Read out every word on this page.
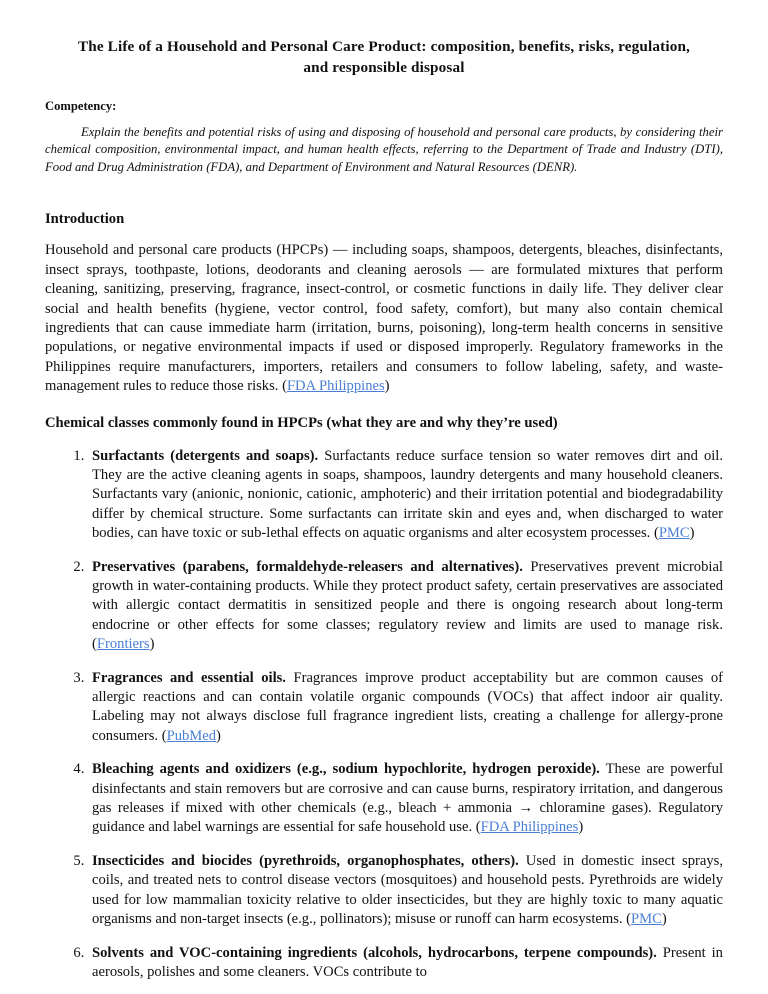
The Life of a Household and Personal Care Product: composition, benefits, risks, regulation, and responsible disposal
Competency:

Explain the benefits and potential risks of using and disposing of household and personal care products, by considering their chemical composition, environmental impact, and human health effects, referring to the Department of Trade and Industry (DTI), Food and Drug Administration (FDA), and Department of Environment and Natural Resources (DENR).

Introduction

Household and personal care products (HPCPs) — including soaps, shampoos, detergents, bleaches, disinfectants, insect sprays, toothpaste, lotions, deodorants and cleaning aerosols — are formulated mixtures that perform cleaning, sanitizing, preserving, fragrance, insect-control, or cosmetic functions in daily life. They deliver clear social and health benefits (hygiene, vector control, food safety, comfort), but many also contain chemical ingredients that can cause immediate harm (irritation, burns, poisoning), long-term health concerns in sensitive populations, or negative environmental impacts if used or disposed improperly. Regulatory frameworks in the Philippines require manufacturers, importers, retailers and consumers to follow labeling, safety, and waste-management rules to reduce those risks. (FDA Philippines)

Chemical classes commonly found in HPCPs (what they are and why they’re used)
1. Surfactants (detergents and soaps). Surfactants reduce surface tension so water removes dirt and oil. They are the active cleaning agents in soaps, shampoos, laundry detergents and many household cleaners. Surfactants vary (anionic, nonionic, cationic, amphoteric) and their irritation potential and biodegradability differ by chemical structure. Some surfactants can irritate skin and eyes and, when discharged to water bodies, can have toxic or sub-lethal effects on aquatic organisms and alter ecosystem processes. (PMC)
2. Preservatives (parabens, formaldehyde-releasers and alternatives). Preservatives prevent microbial growth in water-containing products. While they protect product safety, certain preservatives are associated with allergic contact dermatitis in sensitized people and there is ongoing research about long-term endocrine or other effects for some classes; regulatory review and limits are used to manage risk. (Frontiers)
3. Fragrances and essential oils. Fragrances improve product acceptability but are common causes of allergic reactions and can contain volatile organic compounds (VOCs) that affect indoor air quality. Labeling may not always disclose full fragrance ingredient lists, creating a challenge for allergy-prone consumers. (PubMed)
4. Bleaching agents and oxidizers (e.g., sodium hypochlorite, hydrogen peroxide). These are powerful disinfectants and stain removers but are corrosive and can cause burns, respiratory irritation, and dangerous gas releases if mixed with other chemicals (e.g., bleach + ammonia → chloramine gases). Regulatory guidance and label warnings are essential for safe household use. (FDA Philippines)
5. Insecticides and biocides (pyrethroids, organophosphates, others). Used in domestic insect sprays, coils, and treated nets to control disease vectors (mosquitoes) and household pests. Pyrethroids are widely used for low mammalian toxicity relative to older insecticides, but they are highly toxic to many aquatic organisms and non-target insects (e.g., pollinators); misuse or runoff can harm ecosystems. (PMC)
6. Solvents and VOC-containing ingredients (alcohols, hydrocarbons, terpene compounds). Present in aerosols, polishes and some cleaners. VOCs contribute to
